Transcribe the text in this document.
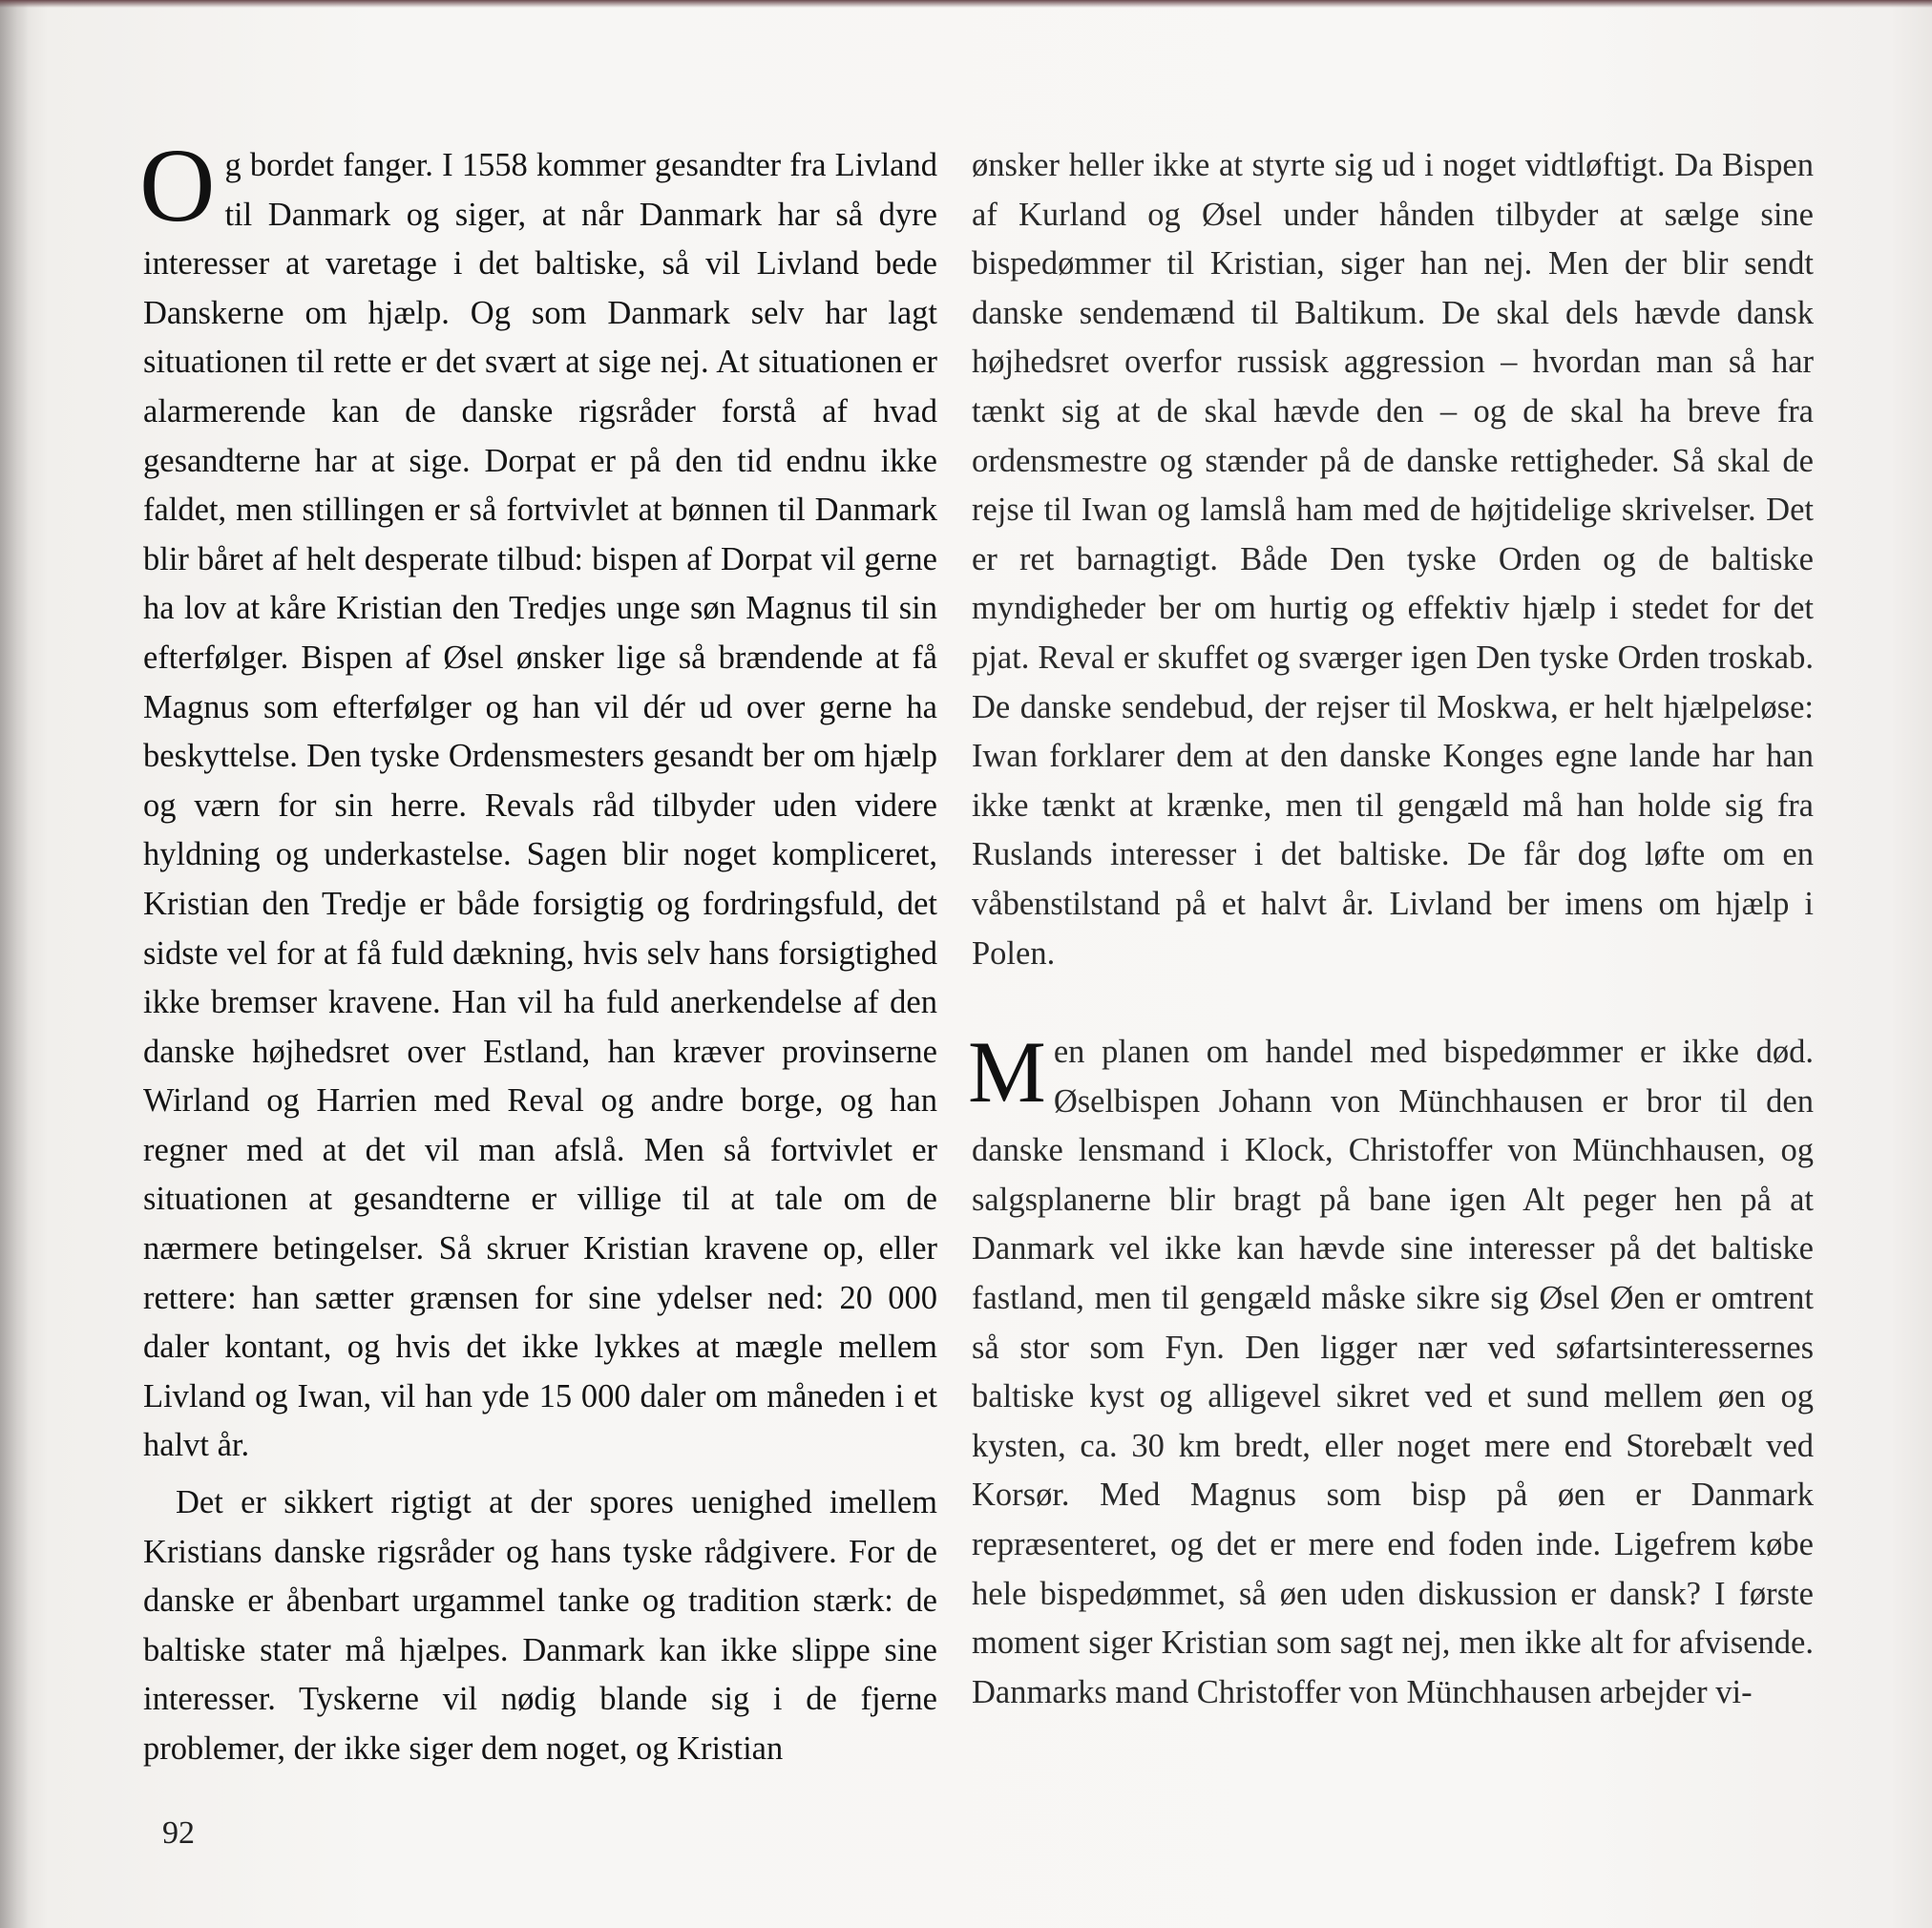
Og bordet fanger. I 1558 kommer gesandter fra Livland til Danmark og siger, at når Danmark har så dyre interesser at varetage i det baltiske, så vil Livland bede Danskerne om hjælp. Og som Danmark selv har lagt situationen til rette er det svært at sige nej. At situationen er alarmerende kan de danske rigsråder forstå af hvad gesandterne har at sige. Dorpat er på den tid endnu ikke faldet, men stillingen er så fortvivlet at bønnen til Danmark blir båret af helt desperate tilbud: bispen af Dorpat vil gerne ha lov at kåre Kristian den Tredjes unge søn Magnus til sin efterfølger. Bispen af Øsel ønsker lige så brændende at få Magnus som efterfølger og han vil dér ud over gerne ha beskyttelse. Den tyske Ordensmesters gesandt ber om hjælp og værn for sin herre. Revals råd tilbyder uden videre hyldning og underkastelse. Sagen blir noget kompliceret, Kristian den Tredje er både forsigtig og fordringsfuld, det sidste vel for at få fuld dækning, hvis selv hans forsigtighed ikke bremser kravene. Han vil ha fuld anerkendelse af den danske højhedsret over Estland, han kræver provinserne Wirland og Harrien med Reval og andre borge, og han regner med at det vil man afslå. Men så fortvivlet er situationen at gesandterne er villige til at tale om de nærmere betingelser. Så skruer Kristian kravene op, eller rettere: han sætter grænsen for sine ydelser ned: 20 000 daler kontant, og hvis det ikke lykkes at mægle mellem Livland og Iwan, vil han yde 15 000 daler om måneden i et halvt år.

Det er sikkert rigtigt at der spores uenighed imellem Kristians danske rigsråder og hans tyske rådgivere. For de danske er åbenbart urgammel tanke og tradition stærk: de baltiske stater må hjælpes. Danmark kan ikke slippe sine interesser. Tyskerne vil nødig blande sig i de fjerne problemer, der ikke siger dem noget, og Kristian

ønsker heller ikke at styrte sig ud i noget vidtløftigt. Da Bispen af Kurland og Øsel under hånden tilbyder at sælge sine bispedømmer til Kristian, siger han nej. Men der blir sendt danske sendemænd til Baltikum. De skal dels hævde dansk højhedsret overfor russisk aggression – hvordan man så har tænkt sig at de skal hævde den – og de skal ha breve fra ordensmestre og stænder på de danske rettigheder. Så skal de rejse til Iwan og lamslå ham med de højtidelige skrivelser. Det er ret barnagtigt. Både Den tyske Orden og de baltiske myndigheder ber om hurtig og effektiv hjælp i stedet for det pjat. Reval er skuffet og sværger igen Den tyske Orden troskab. De danske sendebud, der rejser til Moskwa, er helt hjælpeløse: Iwan forklarer dem at den danske Konges egne lande har han ikke tænkt at krænke, men til gengæld må han holde sig fra Ruslands interesser i det baltiske. De får dog løfte om en våbenstilstand på et halvt år. Livland ber imens om hjælp i Polen.

Men planen om handel med bispedømmer er ikke død. Øselbispen Johann von Münchhausen er bror til den danske lensmand i Klock, Christoffer von Münchhausen, og salgsplanerne blir bragt på bane igen Alt peger hen på at Danmark vel ikke kan hævde sine interesser på det baltiske fastland, men til gengæld måske sikre sig Øsel Øen er omtrent så stor som Fyn. Den ligger nær ved søfartsinteressernes baltiske kyst og alligevel sikret ved et sund mellem øen og kysten, ca. 30 km bredt, eller noget mere end Storebælt ved Korsør. Med Magnus som bisp på øen er Danmark repræsenteret, og det er mere end foden inde. Ligefrem købe hele bispedømmet, så øen uden diskussion er dansk? I første moment siger Kristian som sagt nej, men ikke alt for afvisende. Danmarks mand Christoffer von Münchhausen arbejder vi-

92
